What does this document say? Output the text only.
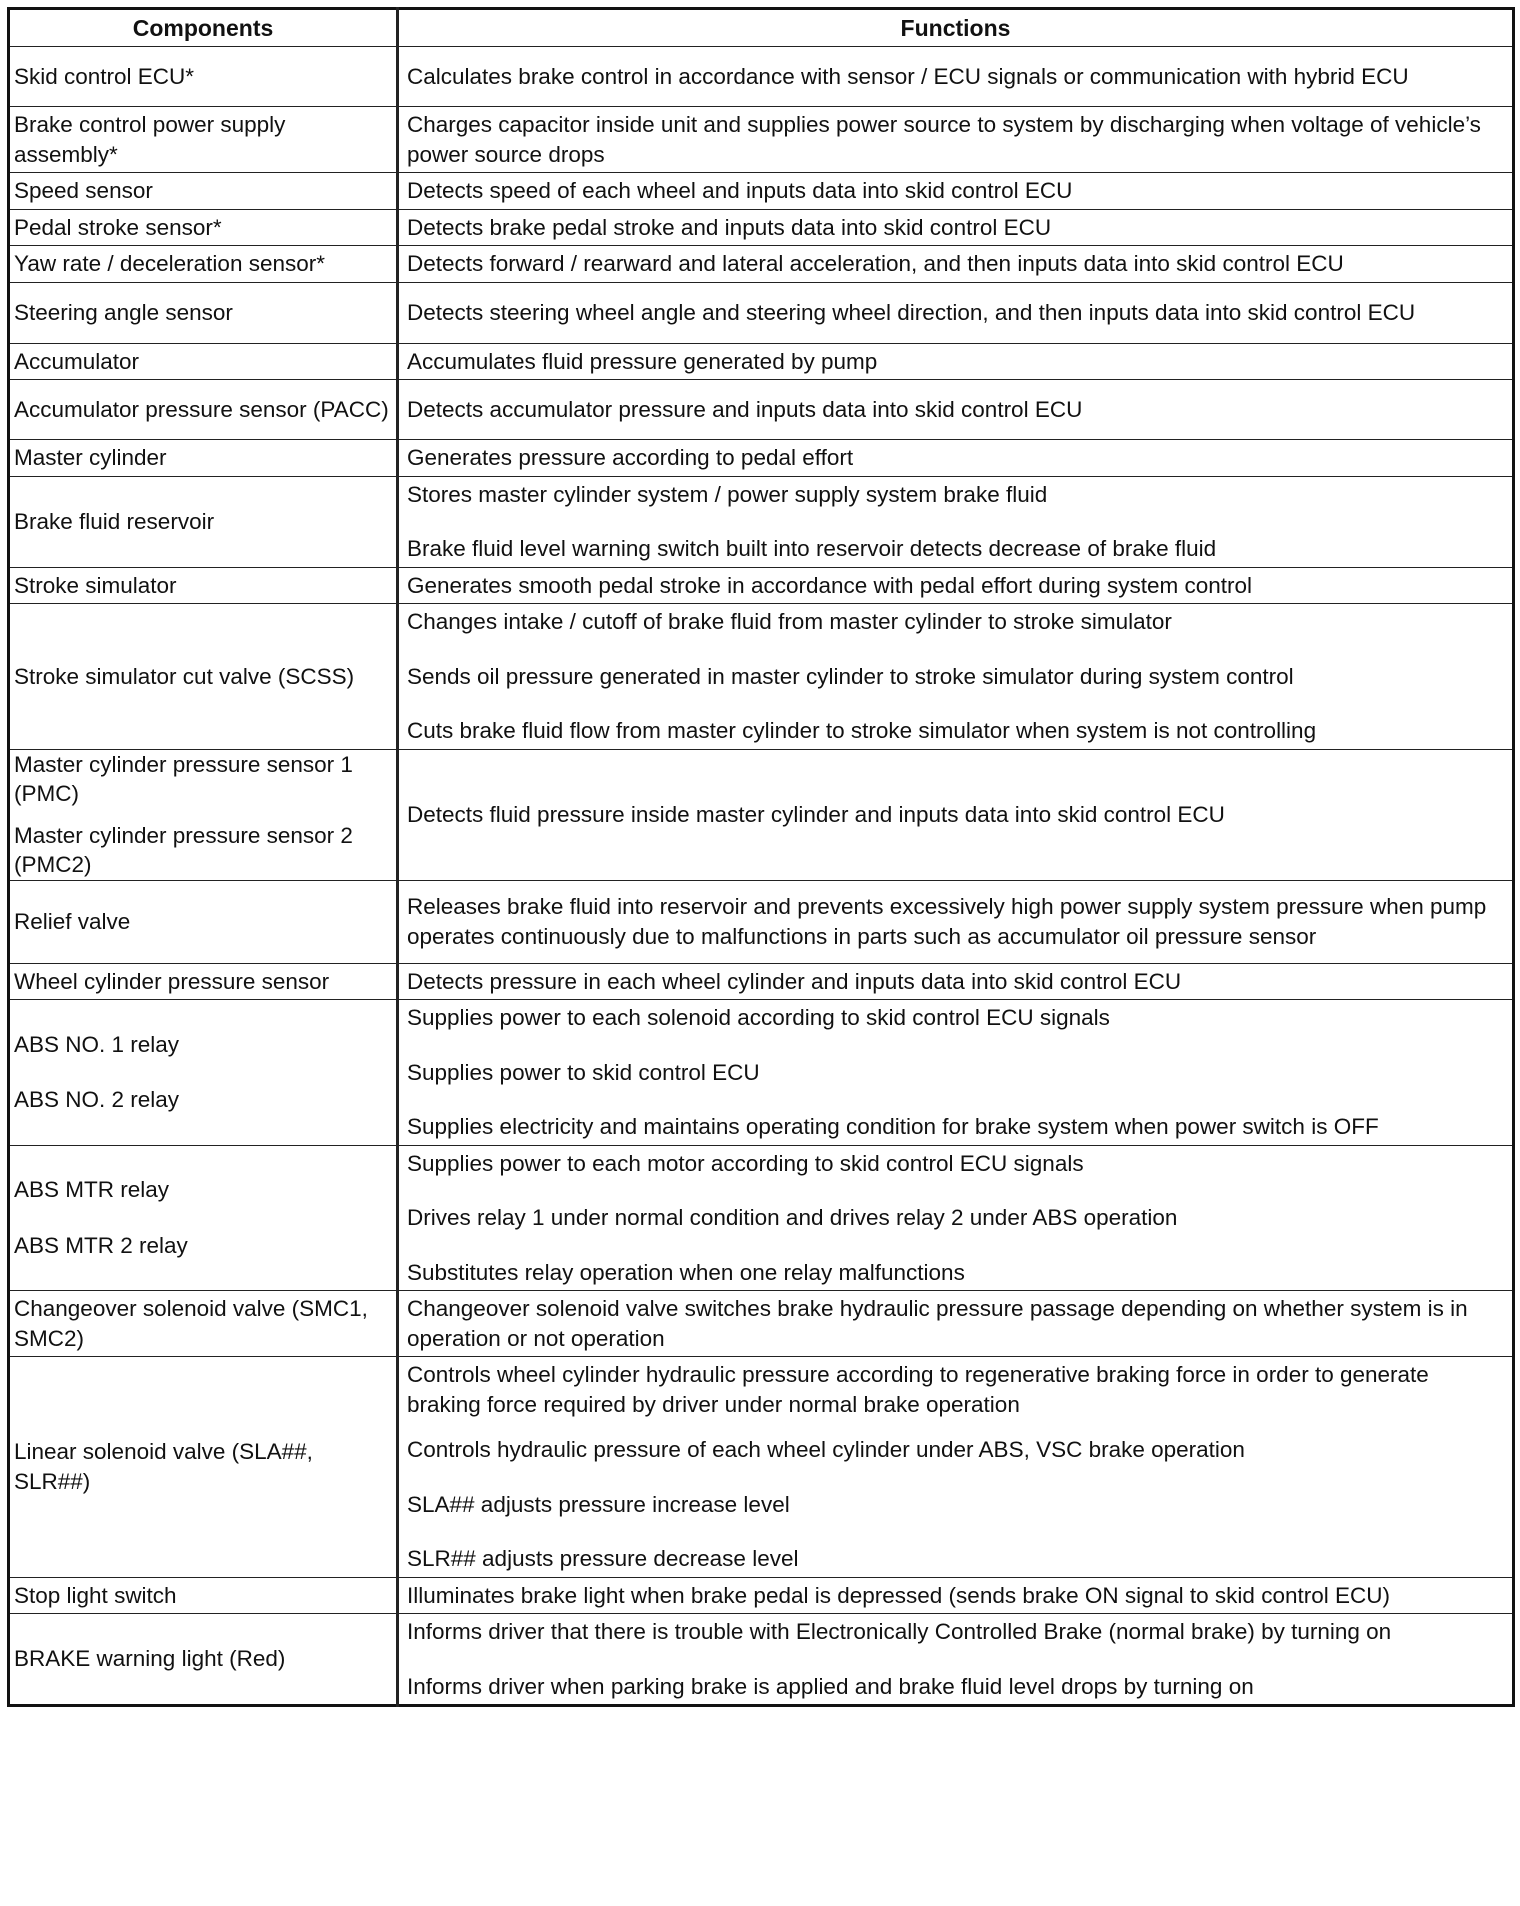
Components	Functions

Skid control ECU*	Calculates brake control in accordance with sensor / ECU signals or communication with hybrid ECU

Brake control power supply assembly*	Charges capacitor inside unit and supplies power source to system by discharging when voltage of vehicle’s power source drops

Speed sensor	Detects speed of each wheel and inputs data into skid control ECU

Pedal stroke sensor*	Detects brake pedal stroke and inputs data into skid control ECU

Yaw rate / deceleration sensor*	Detects forward / rearward and lateral acceleration, and then inputs data into skid control ECU

Steering angle sensor	Detects steering wheel angle and steering wheel direction, and then inputs data into skid control ECU

Accumulator	Accumulates fluid pressure generated by pump

Accumulator pressure sensor (PACC)	Detects accumulator pressure and inputs data into skid control ECU

Master cylinder	Generates pressure according to pedal effort

Brake fluid reservoir	Stores master cylinder system / power supply system brake fluid
Brake fluid level warning switch built into reservoir detects decrease of brake fluid

Stroke simulator	Generates smooth pedal stroke in accordance with pedal effort during system control

Stroke simulator cut valve (SCSS)	Changes intake / cutoff of brake fluid from master cylinder to stroke simulator
Sends oil pressure generated in master cylinder to stroke simulator during system control
Cuts brake fluid flow from master cylinder to stroke simulator when system is not controlling

Master cylinder pressure sensor 1 (PMC)
Master cylinder pressure sensor 2 (PMC2)	Detects fluid pressure inside master cylinder and inputs data into skid control ECU

Relief valve	Releases brake fluid into reservoir and prevents excessively high power supply system pressure when pump operates continuously due to malfunctions in parts such as accumulator oil pressure sensor

Wheel cylinder pressure sensor	Detects pressure in each wheel cylinder and inputs data into skid control ECU

ABS NO. 1 relay
ABS NO. 2 relay	Supplies power to each solenoid according to skid control ECU signals
Supplies power to skid control ECU
Supplies electricity and maintains operating condition for brake system when power switch is OFF

ABS MTR relay
ABS MTR 2 relay	Supplies power to each motor according to skid control ECU signals
Drives relay 1 under normal condition and drives relay 2 under ABS operation
Substitutes relay operation when one relay malfunctions

Changeover solenoid valve (SMC1, SMC2)	Changeover solenoid valve switches brake hydraulic pressure passage depending on whether system is in operation or not operation

Linear solenoid valve (SLA##, SLR##)	Controls wheel cylinder hydraulic pressure according to regenerative braking force in order to generate braking force required by driver under normal brake operation
Controls hydraulic pressure of each wheel cylinder under ABS, VSC brake operation
SLA## adjusts pressure increase level
SLR## adjusts pressure decrease level

Stop light switch	Illuminates brake light when brake pedal is depressed (sends brake ON signal to skid control ECU)

BRAKE warning light (Red)	Informs driver that there is trouble with Electronically Controlled Brake (normal brake) by turning on
Informs driver when parking brake is applied and brake fluid level drops by turning on
